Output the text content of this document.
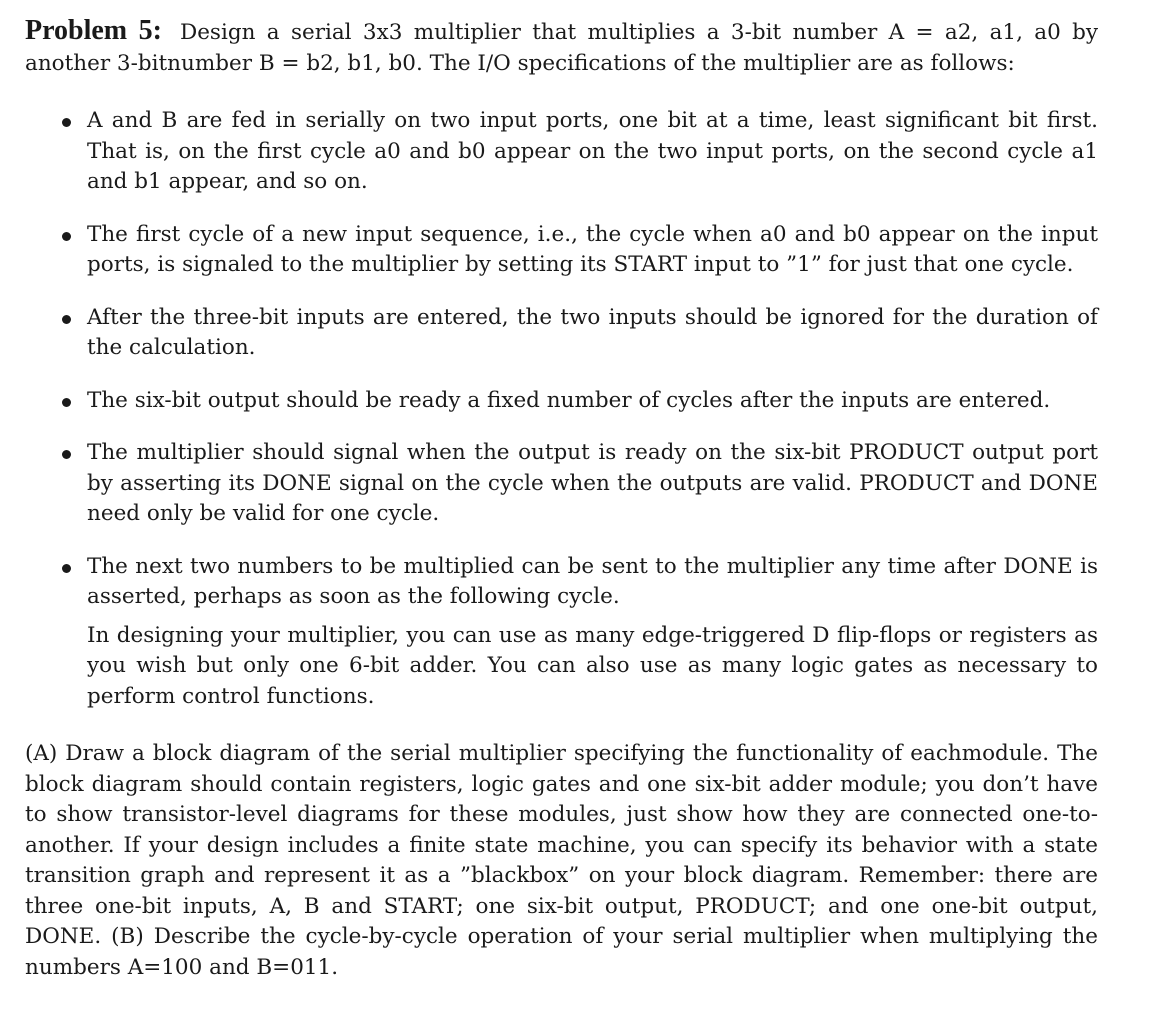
Problem 5: Design a serial 3x3 multiplier that multiplies a 3-bit number A = a2, a1, a0 by another 3-bitnumber B = b2, b1, b0. The I/O specifications of the multiplier are as follows:

A and B are fed in serially on two input ports, one bit at a time, least significant bit first. That is, on the first cycle a0 and b0 appear on the two input ports, on the second cycle a1 and b1 appear, and so on.
The first cycle of a new input sequence, i.e., the cycle when a0 and b0 appear on the input ports, is signaled to the multiplier by setting its START input to ”1” for just that one cycle.
After the three-bit inputs are entered, the two inputs should be ignored for the duration of the calculation.
The six-bit output should be ready a fixed number of cycles after the inputs are entered.
The multiplier should signal when the output is ready on the six-bit PRODUCT output port by asserting its DONE signal on the cycle when the outputs are valid. PRODUCT and DONE need only be valid for one cycle.
The next two numbers to be multiplied can be sent to the multiplier any time after DONE is asserted, perhaps as soon as the following cycle.

In designing your multiplier, you can use as many edge-triggered D flip-flops or registers as you wish but only one 6-bit adder. You can also use as many logic gates as necessary to perform control functions.

(A) Draw a block diagram of the serial multiplier specifying the functionality of eachmodule. The block diagram should contain registers, logic gates and one six-bit adder module; you don’t have to show transistor-level diagrams for these modules, just show how they are connected one-to-another. If your design includes a finite state machine, you can specify its behavior with a state transition graph and represent it as a ”blackbox” on your block diagram. Remember: there are three one-bit inputs, A, B and START; one six-bit output, PRODUCT; and one one-bit output, DONE. (B) Describe the cycle-by-cycle operation of your serial multiplier when multiplying the numbers A=100 and B=011.
